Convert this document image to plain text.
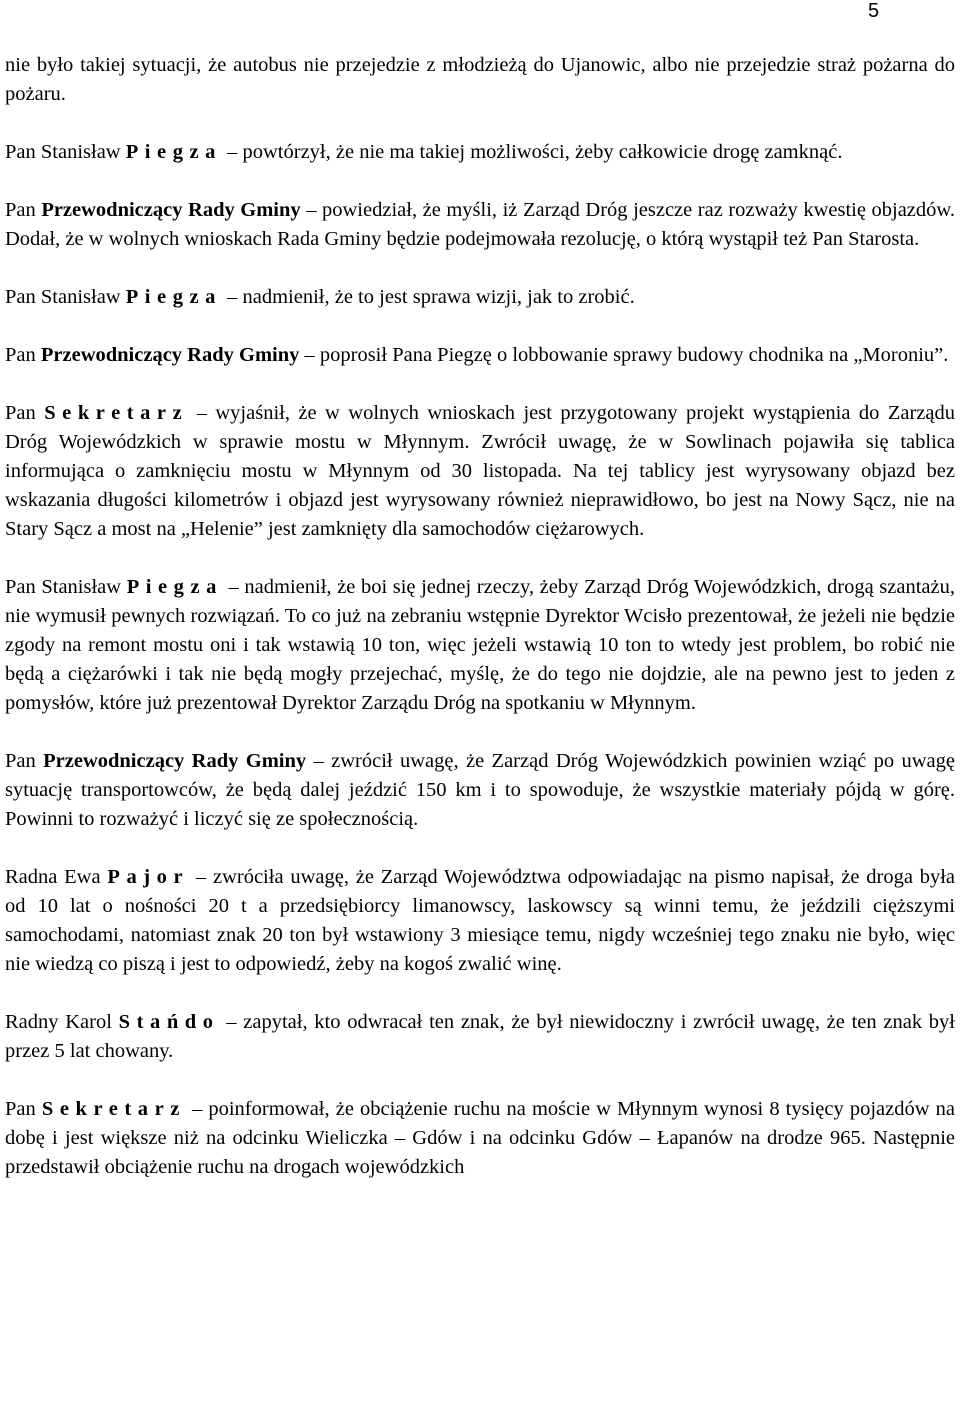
5

nie było takiej sytuacji, że autobus nie przejedzie z młodzieżą do Ujanowic, albo nie przejedzie straż pożarna do pożaru.

Pan Stanisław Piegza – powtórzył, że nie ma takiej możliwości, żeby całkowicie drogę zamknąć.

Pan Przewodniczący Rady Gminy – powiedział, że myśli, iż Zarząd Dróg jeszcze raz rozważy kwestię objazdów. Dodał, że w wolnych wnioskach Rada Gminy będzie podejmowała rezolucję, o którą wystąpił też Pan Starosta.

Pan Stanisław Piegza – nadmienił, że to jest sprawa wizji, jak to zrobić.

Pan Przewodniczący Rady Gminy – poprosił Pana Piegzę o lobbowanie sprawy budowy chodnika na „Moroniu”.

Pan Sekretarz – wyjaśnił, że w wolnych wnioskach jest przygotowany projekt wystąpienia do Zarządu Dróg Wojewódzkich w sprawie mostu w Młynnym. Zwrócił uwagę, że w Sowlinach pojawiła się tablica informująca o zamknięciu mostu w Młynnym od 30 listopada. Na tej tablicy jest wyrysowany objazd bez wskazania długości kilometrów i objazd jest wyrysowany również nieprawidłowo, bo jest na Nowy Sącz, nie na Stary Sącz a most na „Helenie” jest zamknięty dla samochodów ciężarowych.

Pan Stanisław Piegza – nadmienił, że boi się jednej rzeczy, żeby Zarząd Dróg Wojewódzkich, drogą szantażu, nie wymusił pewnych rozwiązań. To co już na zebraniu wstępnie Dyrektor Wcisło prezentował, że jeżeli nie będzie zgody na remont mostu oni i tak wstawią 10 ton, więc jeżeli wstawią 10 ton to wtedy jest problem, bo robić nie będą a ciężarówki i tak nie będą mogły przejechać, myślę, że do tego nie dojdzie, ale na pewno jest to jeden z pomysłów, które już prezentował Dyrektor Zarządu Dróg na spotkaniu w Młynnym.

Pan Przewodniczący Rady Gminy – zwrócił uwagę, że Zarząd Dróg Wojewódzkich powinien wziąć po uwagę sytuację transportowców, że będą dalej jeździć 150 km i to spowoduje, że wszystkie materiały pójdą w górę. Powinni to rozważyć i liczyć się ze społecznością.

Radna Ewa Pajor – zwróciła uwagę, że Zarząd Województwa odpowiadając na pismo napisał, że droga była od 10 lat o nośności 20 t a przedsiębiorcy limanowscy, laskowscy są winni temu, że jeździli cięższymi samochodami, natomiast znak 20 ton był wstawiony 3 miesiące temu, nigdy wcześniej tego znaku nie było, więc nie wiedzą co piszą i jest to odpowiedź, żeby na kogoś zwalić winę.

Radny Karol Stańdo – zapytał, kto odwracał ten znak, że był niewidoczny i zwrócił uwagę, że ten znak był przez 5 lat chowany.

Pan Sekretarz – poinformował, że obciążenie ruchu na moście w Młynnym wynosi 8 tysięcy pojazdów na dobę i jest większe niż na odcinku Wieliczka – Gdów i na odcinku Gdów – Łapanów na drodze 965. Następnie przedstawił obciążenie ruchu na drogach wojewódzkich
